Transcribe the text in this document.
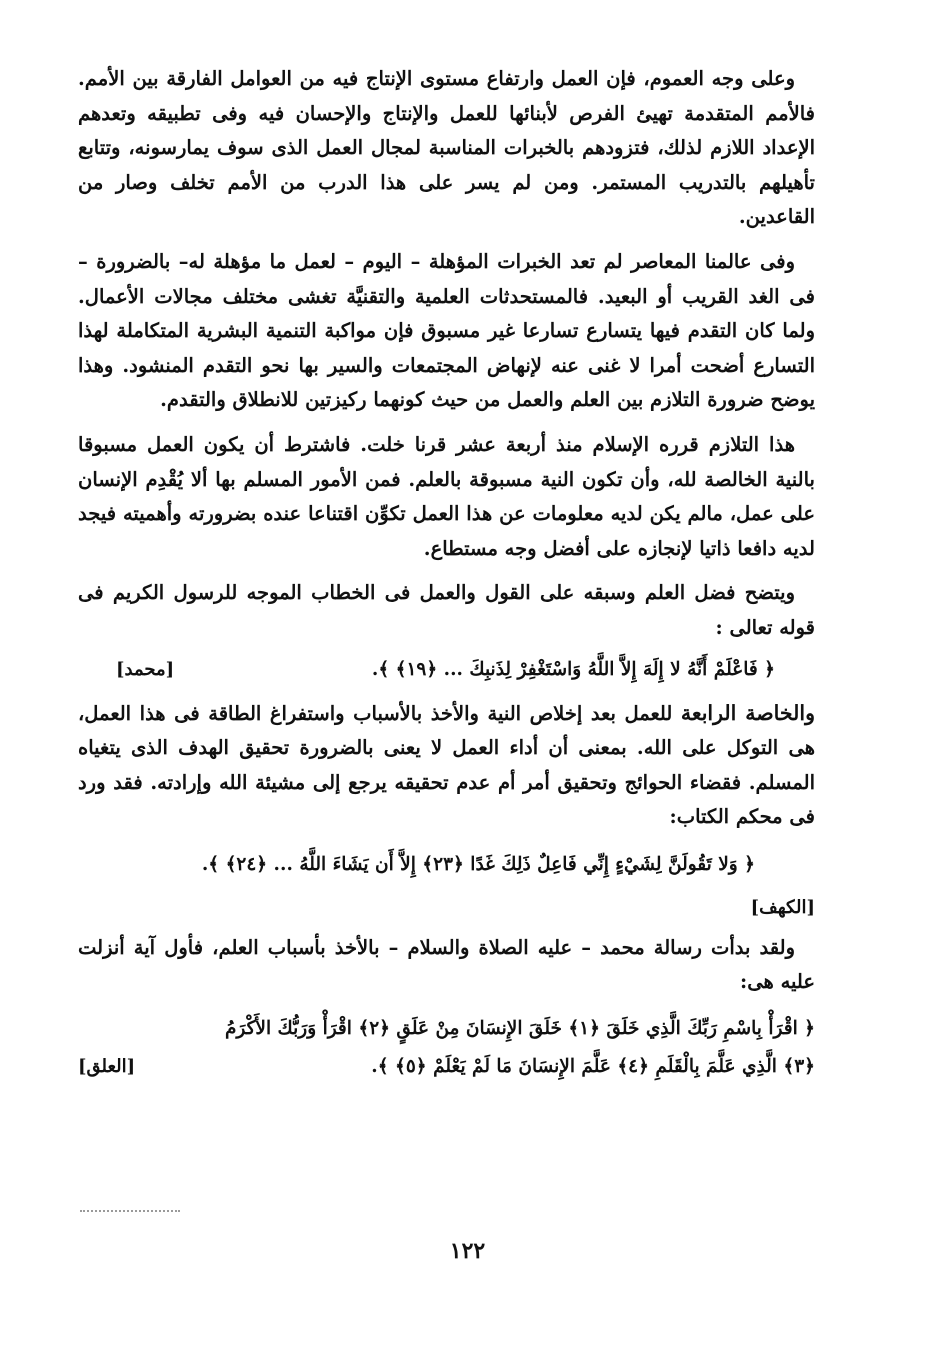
وعلى وجه العموم، فإن العمل وارتفاع مستوى الإنتاج فيه من العوامل الفارقة بين الأمم. فالأمم المتقدمة تهيئ الفرص لأبنائها للعمل والإنتاج والإحسان فيه وفى تطبيقه وتعدهم الإعداد اللازم لذلك، فتزودهم بالخبرات المناسبة لمجال العمل الذى سوف يمارسونه، وتتابع تأهيلهم بالتدريب المستمر. ومن لم يسر على هذا الدرب من الأمم تخلف وصار من القاعدين.

وفى عالمنا المعاصر لم تعد الخبرات المؤهلة – اليوم – لعمل ما مؤهلة له– بالضرورة – فى الغد القريب أو البعيد. فالمستحدثات العلمية والتقنيَّة تغشى مختلف مجالات الأعمال. ولما كان التقدم فيها يتسارع تسارعا غير مسبوق فإن مواكبة التنمية البشرية المتكاملة لهذا التسارع أضحت أمرا لا غنى عنه لإنهاض المجتمعات والسير بها نحو التقدم المنشود. وهذا يوضح ضرورة التلازم بين العلم والعمل من حيث كونهما ركيزتين للانطلاق والتقدم.

هذا التلازم قرره الإسلام منذ أربعة عشر قرنا خلت. فاشترط أن يكون العمل مسبوقا بالنية الخالصة لله، وأن تكون النية مسبوقة بالعلم. فمن الأمور المسلم بها ألا يُقْدِم الإنسان على عمل، مالم يكن لديه معلومات عن هذا العمل تكوِّن اقتناعا عنده بضرورته وأهميته فيجد لديه دافعا ذاتيا لإنجازه على أفضل وجه مستطاع.

ويتضح فضل العلم وسبقه على القول والعمل فى الخطاب الموجه للرسول الكريم فى قوله تعالى :

﴿ فَاعْلَمْ أَنَّهُ لا إِلَهَ إِلاَّ اللَّهُ وَاسْتَغْفِرْ لِذَنبِكَ ... ﴿١٩﴾ ﴾.
[محمد]

والخاصة الرابعة للعمل بعد إخلاص النية والأخذ بالأسباب واستفراغ الطاقة فى هذا العمل، هى التوكل على الله. بمعنى أن أداء العمل لا يعنى بالضرورة تحقيق الهدف الذى يتغياه المسلم. فقضاء الحوائج وتحقيق أمر أم عدم تحقيقه يرجع إلى مشيئة الله وإرادته. فقد ورد فى محكم الكتاب:

﴿ وَلا تَقُولَنَّ لِشَيْءٍ إِنِّي فَاعِلٌ ذَلِكَ غَدًا ﴿٢٣﴾ إِلاَّ أَن يَشَاءَ اللَّهُ ... ﴿٢٤﴾ ﴾.
[الكهف]

ولقد بدأت رسالة محمد – عليه الصلاة والسلام – بالأخذ بأسباب العلم، فأول آية أنزلت عليه هى:

﴿ اقْرَأْ بِاسْمِ رَبِّكَ الَّذِي خَلَقَ ﴿١﴾ خَلَقَ الإِنسَانَ مِنْ عَلَقٍ ﴿٢﴾ اقْرَأْ وَرَبُّكَ الأَكْرَمُ
﴿٣﴾ الَّذِي عَلَّمَ بِالْقَلَمِ ﴿٤﴾ عَلَّمَ الإِنسَانَ مَا لَمْ يَعْلَمْ ﴿٥﴾ ﴾.
[العلق]
١٢٢
